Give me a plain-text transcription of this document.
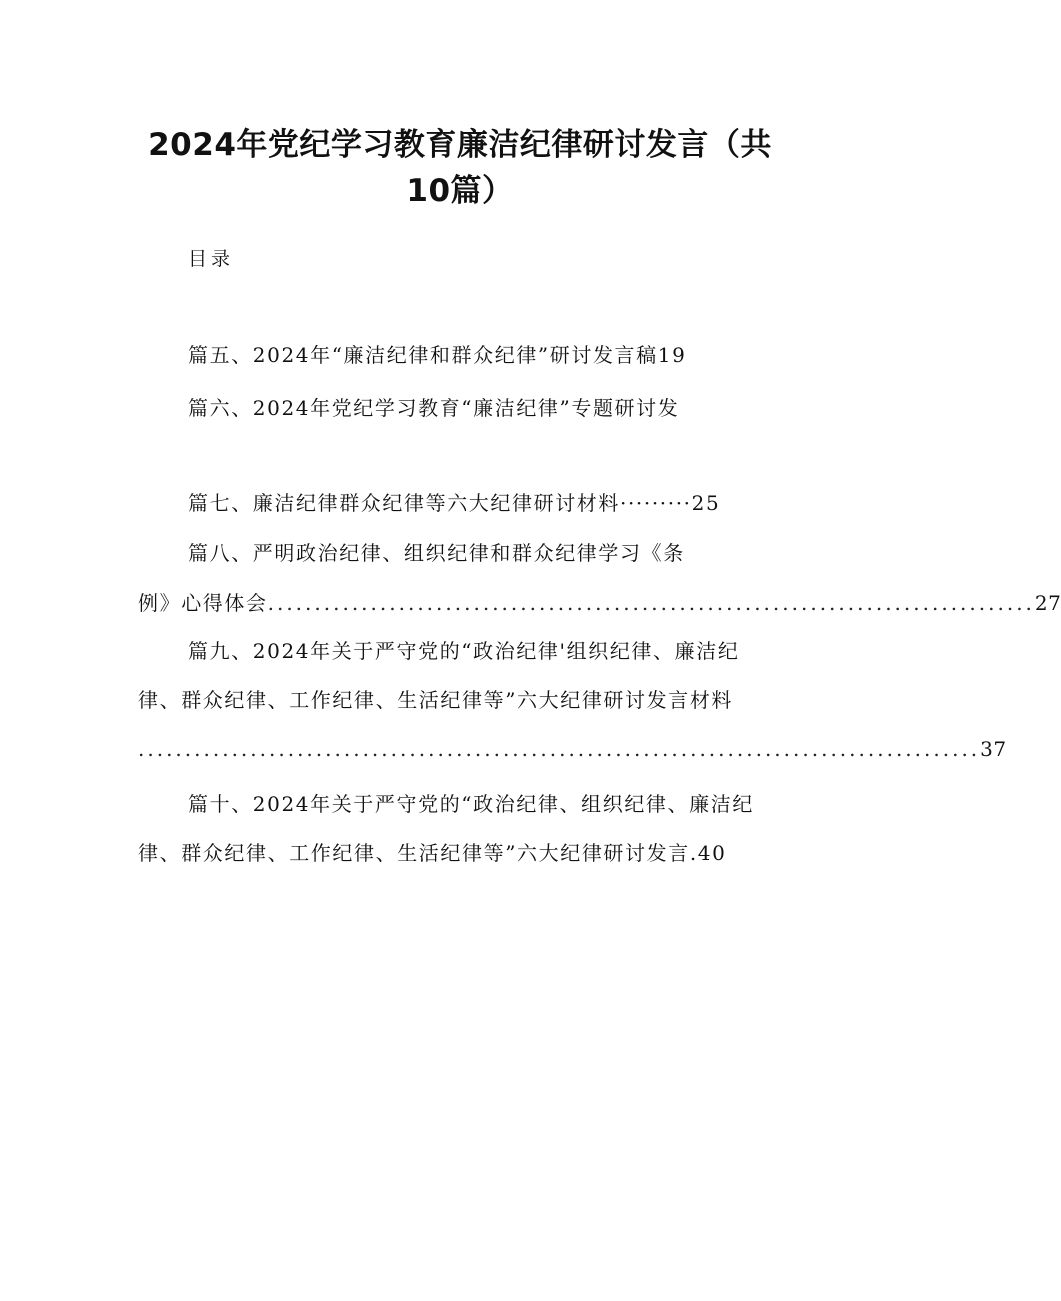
2024年党纪学习教育廉洁纪律研讨发言（共
10篇）
目录
篇五、2024年“廉洁纪律和群众纪律”研讨发言稿19
篇六、2024年党纪学习教育“廉洁纪律”专题研讨发
篇七、廉洁纪律群众纪律等六大纪律研讨材料·········25
篇八、严明政治纪律、组织纪律和群众纪律学习《条
例》心得体会 .................................................................................. 27
篇九、2024年关于严守党的“政治纪律'组织纪律、廉洁纪
律、群众纪律、工作纪律、生活纪律等”六大纪律研讨发言材料
.......................................................................................... 37
篇十、2024年关于严守党的“政治纪律、组织纪律、廉洁纪
律、群众纪律、工作纪律、生活纪律等”六大纪律研讨发言.40
